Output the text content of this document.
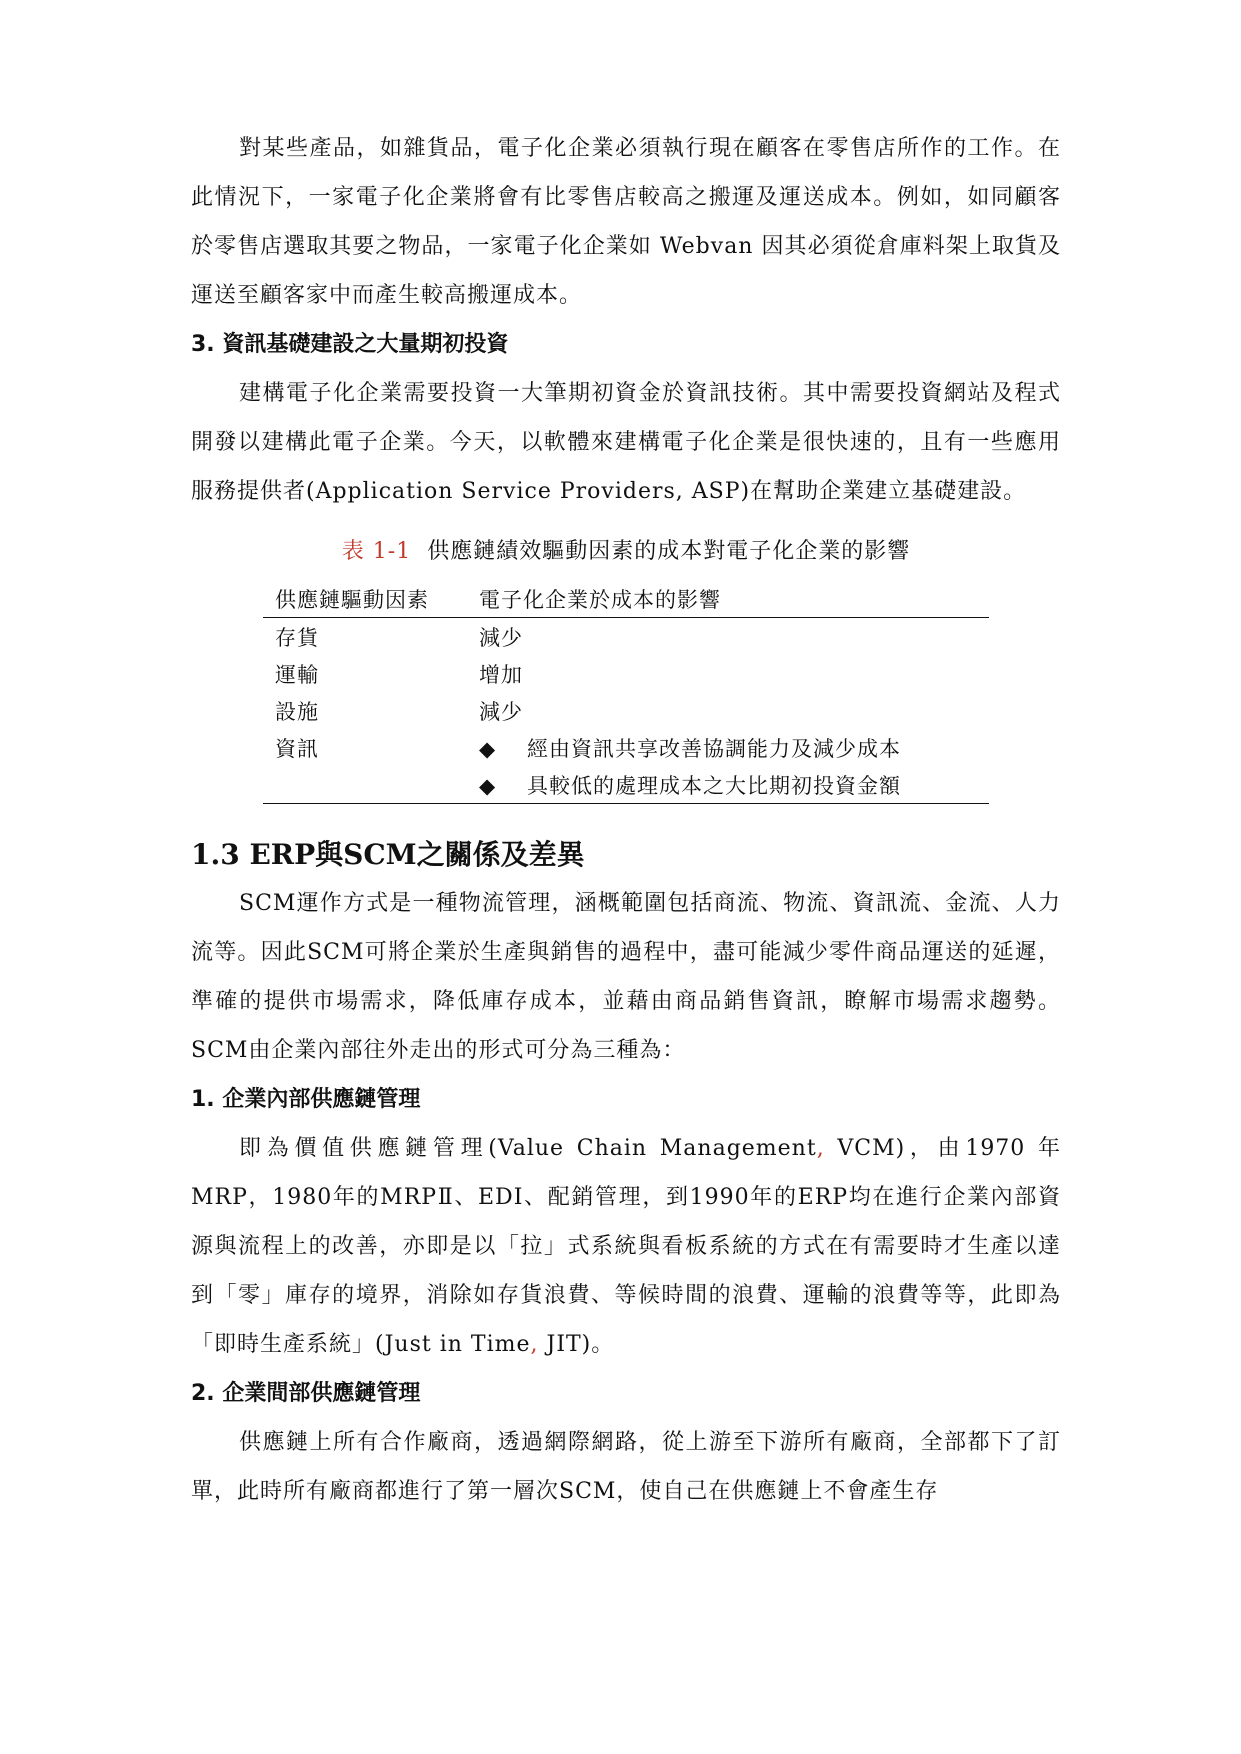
對某些產品，如雜貨品，電子化企業必須執行現在顧客在零售店所作的工作。在此情況下，一家電子化企業將會有比零售店較高之搬運及運送成本。例如，如同顧客於零售店選取其要之物品，一家電子化企業如 Webvan 因其必須從倉庫料架上取貨及運送至顧客家中而產生較高搬運成本。

3. 資訊基礎建設之大量期初投資

建構電子化企業需要投資一大筆期初資金於資訊技術。其中需要投資網站及程式開發以建構此電子企業。今天，以軟體來建構電子化企業是很快速的，且有一些應用服務提供者(Application Service Providers, ASP)在幫助企業建立基礎建設。

表 1-1 供應鏈績效驅動因素的成本對電子化企業的影響

供應鏈驅動因素	電子化企業於成本的影響
存貨	減少
運輸	增加
設施	減少
資訊	◆ 經由資訊共享改善協調能力及減少成本
	◆ 具較低的處理成本之大比期初投資金額

1.3 ERP與SCM之關係及差異

SCM運作方式是一種物流管理，涵概範圍包括商流、物流、資訊流、金流、人力流等。因此SCM可將企業於生產與銷售的過程中，盡可能減少零件商品運送的延遲，準確的提供市場需求，降低庫存成本，並藉由商品銷售資訊，瞭解市場需求趨勢。SCM由企業內部往外走出的形式可分為三種為：

1. 企業內部供應鏈管理

即為價值供應鏈管理(Value Chain Management, VCM)，由1970 年MRP，1980年的MRPⅡ、EDI、配銷管理，到1990年的ERP均在進行企業內部資源與流程上的改善，亦即是以「拉」式系統與看板系統的方式在有需要時才生產以達到「零」庫存的境界，消除如存貨浪費、等候時間的浪費、運輸的浪費等等，此即為「即時生產系統」(Just in Time, JIT)。

2. 企業間部供應鏈管理

供應鏈上所有合作廠商，透過網際網路，從上游至下游所有廠商，全部都下了訂單，此時所有廠商都進行了第一層次SCM，使自己在供應鏈上不會產生存
